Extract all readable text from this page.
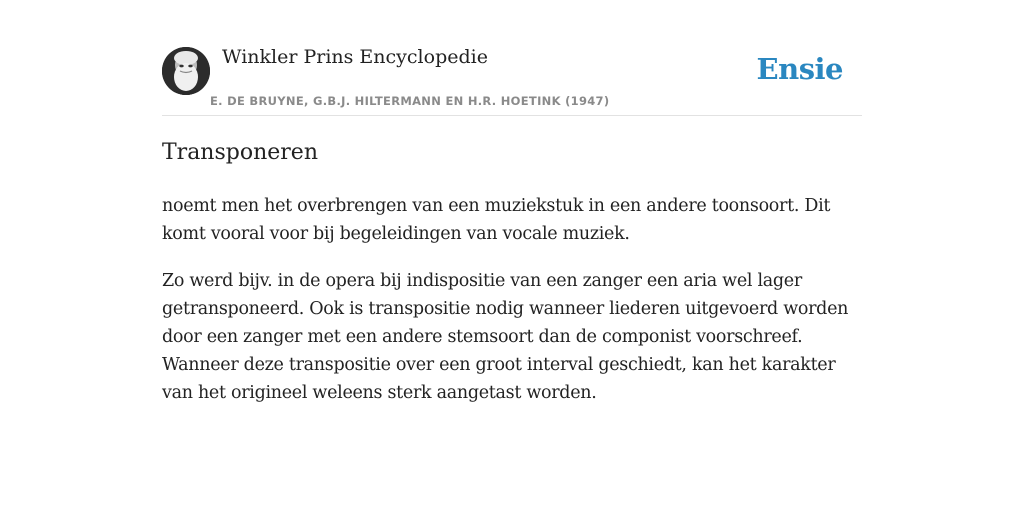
Winkler Prins Encyclopedie
E. DE BRUYNE, G.B.J. HILTERMANN EN H.R. HOETINK (1947)
Ensie
Transponeren

noemt men het overbrengen van een muziekstuk in een andere toonsoort. Dit komt vooral voor bij begeleidingen van vocale muziek.

Zo werd bijv. in de opera bij indispositie van een zanger een aria wel lager getransponeerd. Ook is transpositie nodig wanneer liederen uitgevoerd worden door een zanger met een andere stemsoort dan de componist voorschreef. Wanneer deze transpositie over een groot interval geschiedt, kan het karakter van het origineel weleens sterk aangetast worden.
